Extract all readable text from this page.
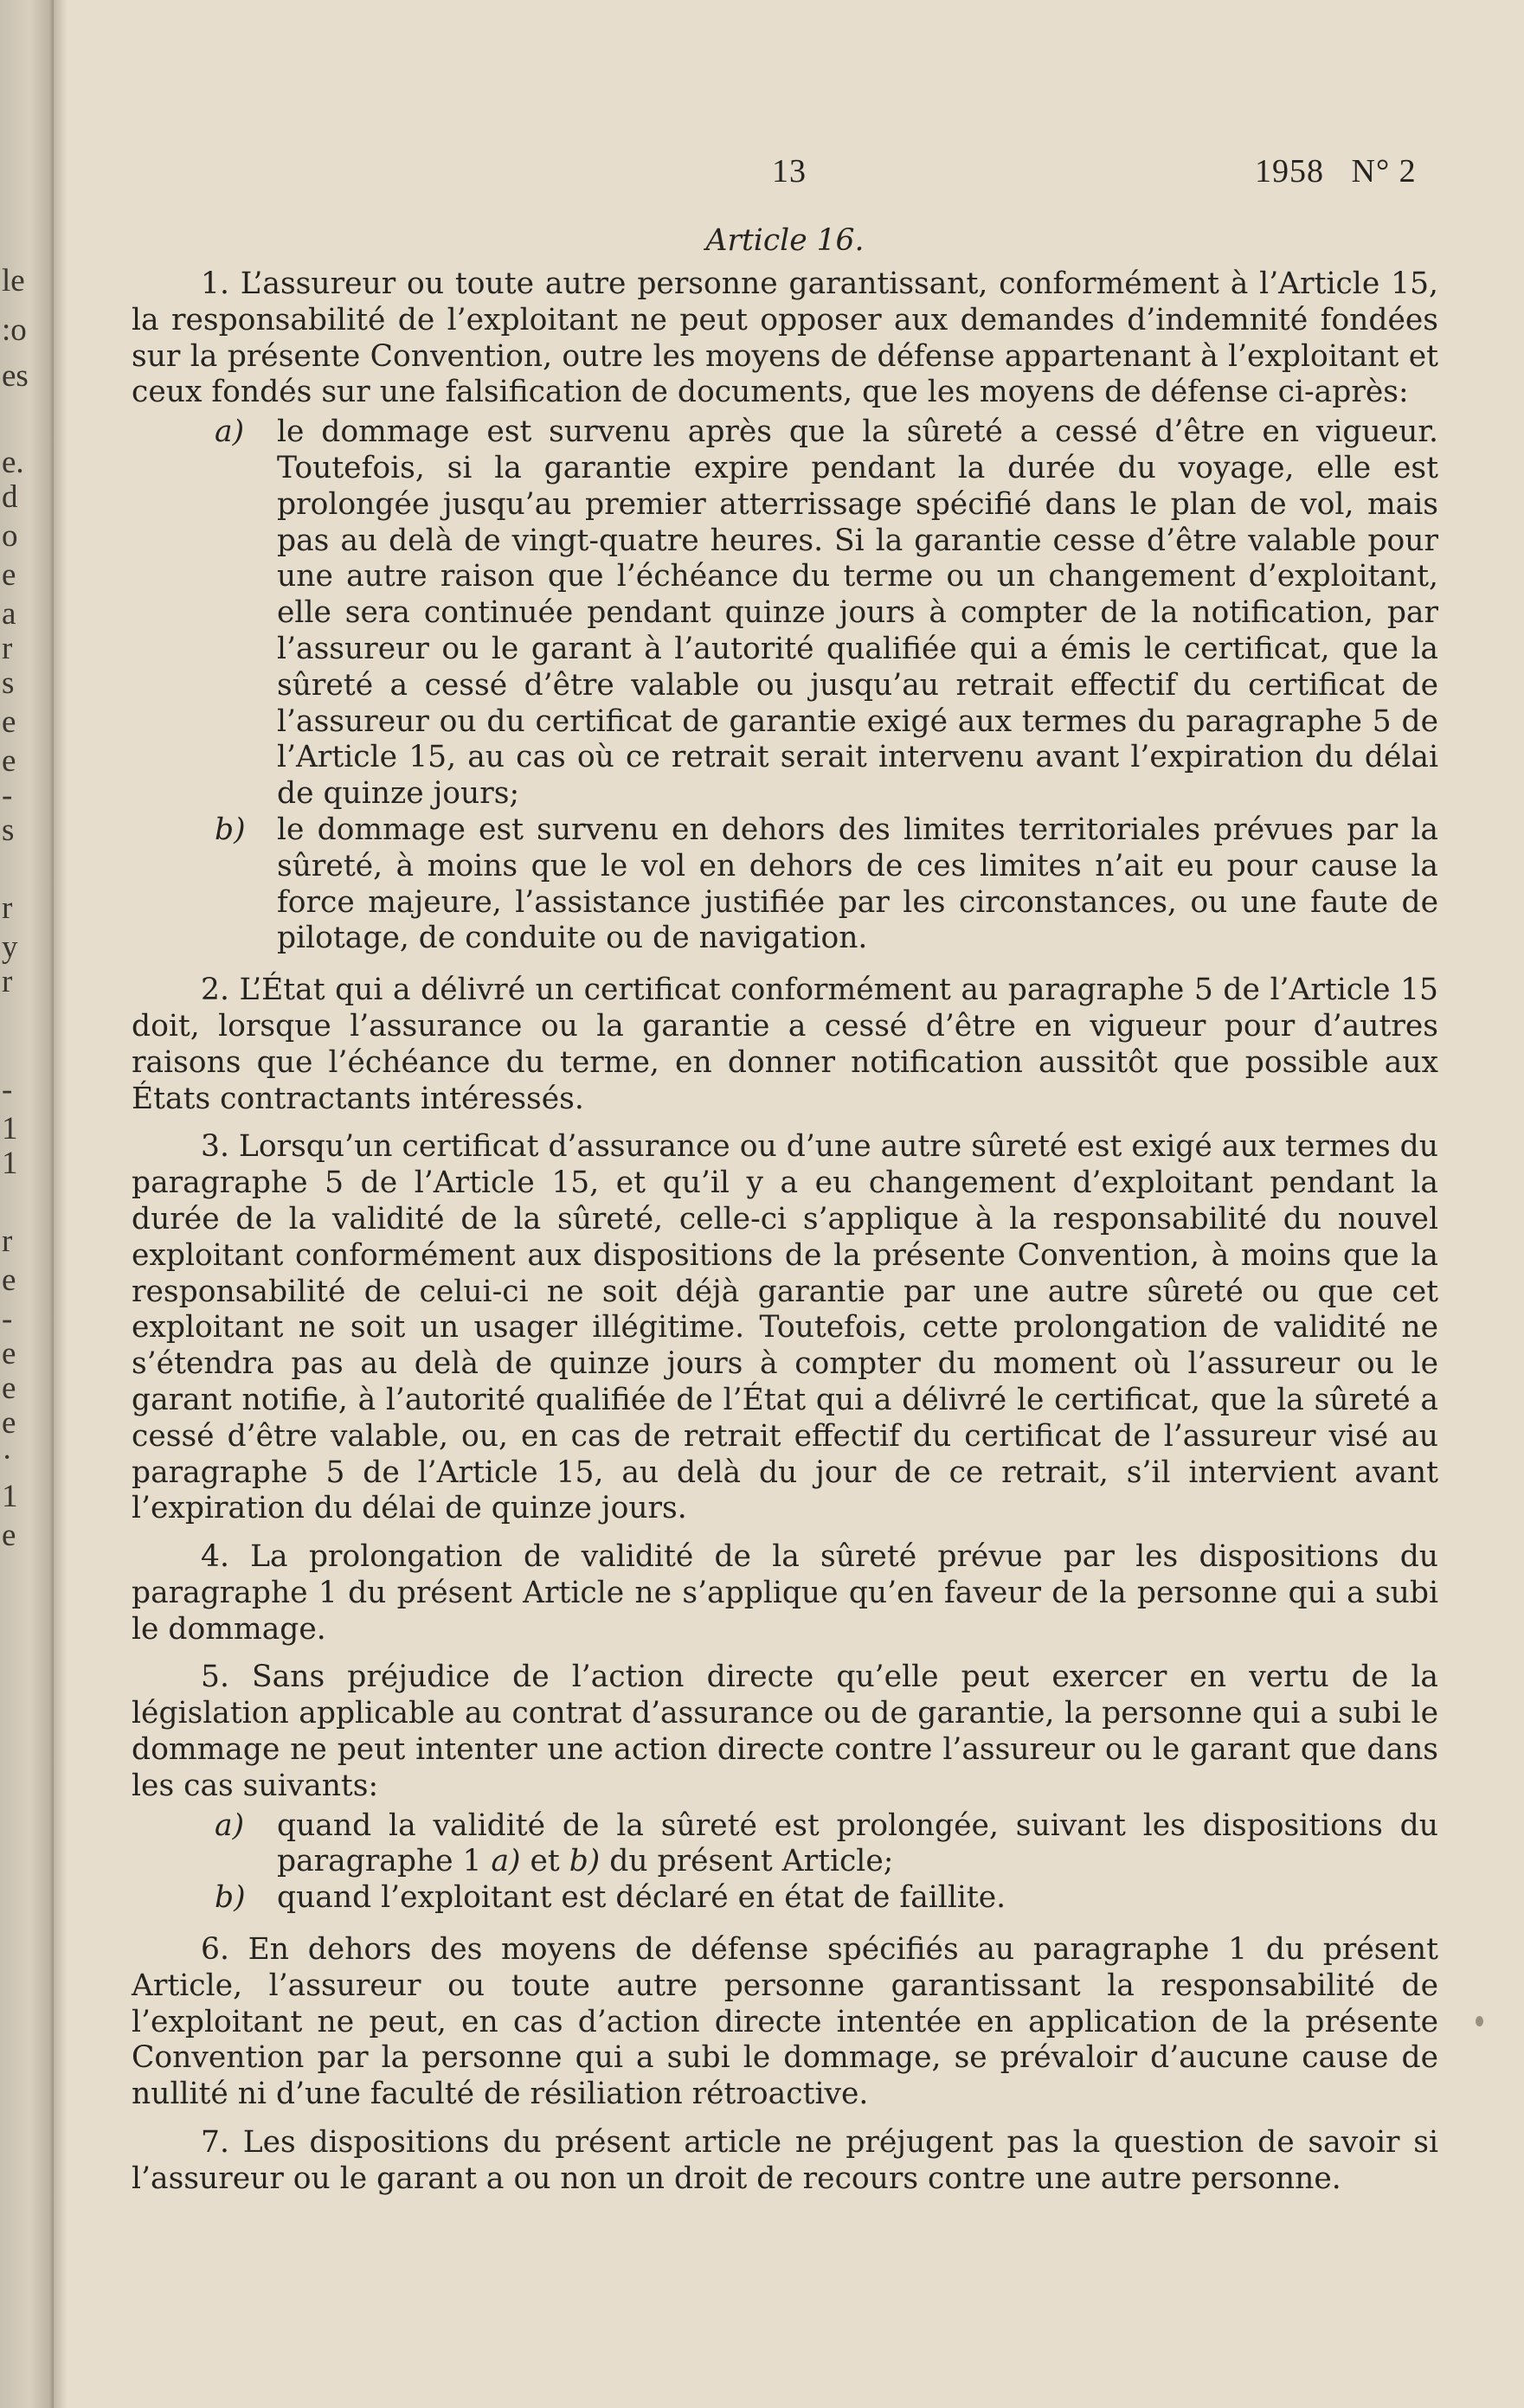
le
:o
es
e.
d
o
e
a
r
s
e
e
-
s
r
y
r
-
1
1
r
e
-
e
e
e
·
1
e
13	1958   N° 2

Article 16.

1. L’assureur ou toute autre personne garantissant, conformément à l’Article 15, la responsabilité de l’exploitant ne peut opposer aux demandes d’indemnité fondées sur la présente Convention, outre les moyens de défense appartenant à l’exploitant et ceux fondés sur une falsification de documents, que les moyens de défense ci-après:

a) le dommage est survenu après que la sûreté a cessé d’être en vigueur. Toutefois, si la garantie expire pendant la durée du voyage, elle est prolongée jusqu’au premier atterrissage spécifié dans le plan de vol, mais pas au delà de vingt-quatre heures. Si la garantie cesse d’être valable pour une autre raison que l’échéance du terme ou un changement d’exploitant, elle sera continuée pendant quinze jours à compter de la notification, par l’assureur ou le garant à l’autorité qualifiée qui a émis le certificat, que la sûreté a cessé d’être valable ou jusqu’au retrait effectif du certificat de l’assureur ou du certificat de garantie exigé aux termes du paragraphe 5 de l’Article 15, au cas où ce retrait serait intervenu avant l’expiration du délai de quinze jours;

b) le dommage est survenu en dehors des limites territoriales prévues par la sûreté, à moins que le vol en dehors de ces limites n’ait eu pour cause la force majeure, l’assistance justifiée par les circonstances, ou une faute de pilotage, de conduite ou de navigation.

2. L’État qui a délivré un certificat conformément au paragraphe 5 de l’Article 15 doit, lorsque l’assurance ou la garantie a cessé d’être en vigueur pour d’autres raisons que l’échéance du terme, en donner notification aussitôt que possible aux États contractants intéressés.

3. Lorsqu’un certificat d’assurance ou d’une autre sûreté est exigé aux termes du paragraphe 5 de l’Article 15, et qu’il y a eu changement d’exploitant pendant la durée de la validité de la sûreté, celle-ci s’applique à la responsabilité du nouvel exploitant conformément aux dispositions de la présente Convention, à moins que la responsabilité de celui-ci ne soit déjà garantie par une autre sûreté ou que cet exploitant ne soit un usager illégitime. Toutefois, cette prolongation de validité ne s’étendra pas au delà de quinze jours à compter du moment où l’assureur ou le garant notifie, à l’autorité qualifiée de l’État qui a délivré le certificat, que la sûreté a cessé d’être valable, ou, en cas de retrait effectif du certificat de l’assureur visé au paragraphe 5 de l’Article 15, au delà du jour de ce retrait, s’il intervient avant l’expiration du délai de quinze jours.

4. La prolongation de validité de la sûreté prévue par les dispositions du paragraphe 1 du présent Article ne s’applique qu’en faveur de la personne qui a subi le dommage.

5. Sans préjudice de l’action directe qu’elle peut exercer en vertu de la législation applicable au contrat d’assurance ou de garantie, la personne qui a subi le dommage ne peut intenter une action directe contre l’assureur ou le garant que dans les cas suivants:

a) quand la validité de la sûreté est prolongée, suivant les dispositions du paragraphe 1 a) et b) du présent Article;

b) quand l’exploitant est déclaré en état de faillite.

6. En dehors des moyens de défense spécifiés au paragraphe 1 du présent Article, l’assureur ou toute autre personne garantissant la responsabilité de l’exploitant ne peut, en cas d’action directe intentée en application de la présente Convention par la personne qui a subi le dommage, se prévaloir d’aucune cause de nullité ni d’une faculté de résiliation rétroactive.

7. Les dispositions du présent article ne préjugent pas la question de savoir si l’assureur ou le garant a ou non un droit de recours contre une autre personne.
